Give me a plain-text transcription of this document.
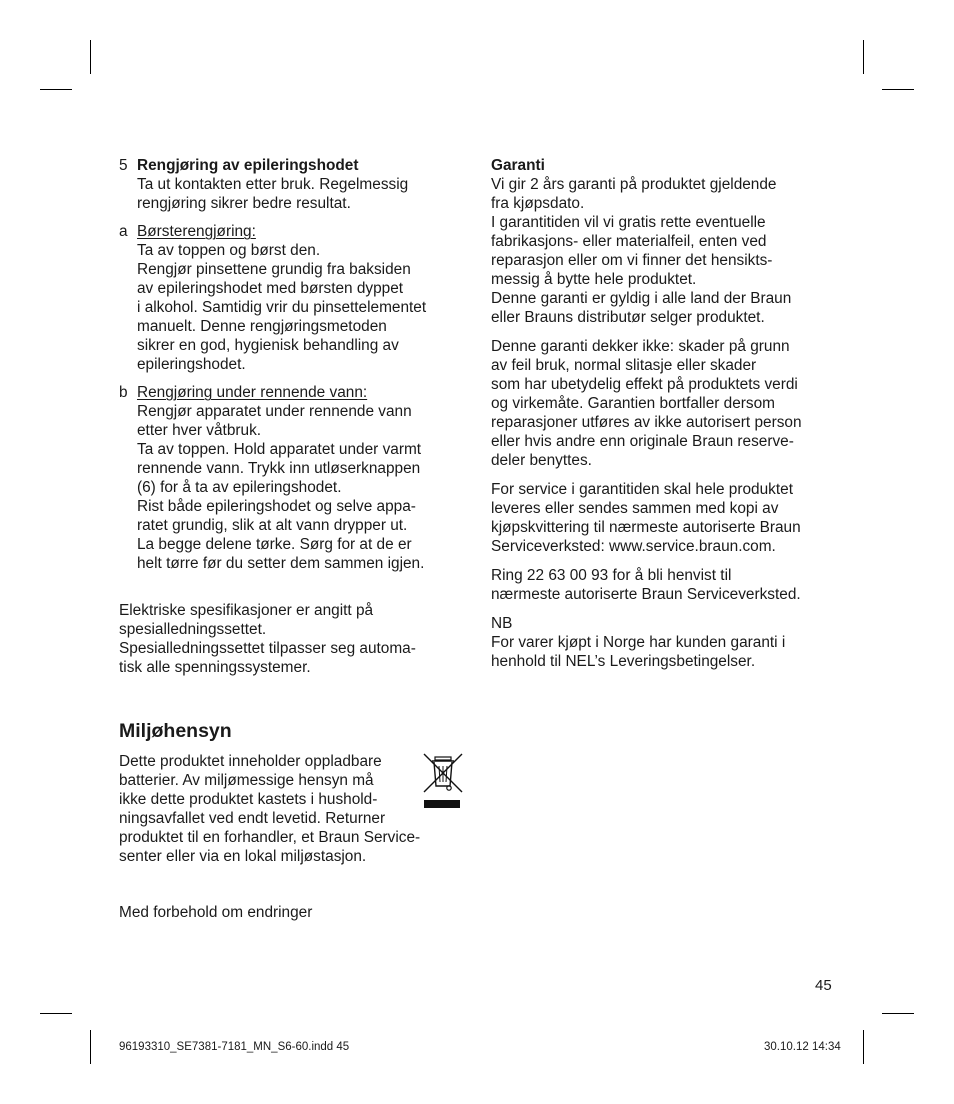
5 Rengjøring av epileringshodet
Ta ut kontakten etter bruk. Regelmessig
rengjøring sikrer bedre resultat.
a Børsterengjøring:
Ta av toppen og børst den.
Rengjør pinsettene grundig fra baksiden
av epileringshodet med børsten dyppet
i alkohol. Samtidig vrir du pinsettelementet
manuelt. Denne rengjøringsmetoden
sikrer en god, hygienisk behandling av
epileringshodet.
b Rengjøring under rennende vann:
Rengjør apparatet under rennende vann
etter hver våtbruk.
Ta av toppen. Hold apparatet under varmt
rennende vann. Trykk inn utløserknappen
(6) for å ta av epileringshodet.
Rist både epileringshodet og selve appa-
ratet grundig, slik at alt vann drypper ut.
La begge delene tørke. Sørg for at de er
helt tørre før du setter dem sammen igjen.
Elektriske spesifikasjoner er angitt på
spesialledningssettet.
Spesialledningssettet tilpasser seg automa-
tisk alle spenningssystemer.
Miljøhensyn
Dette produktet inneholder oppladbare
batterier. Av miljømessige hensyn må
ikke dette produktet kastets i hushold-
ningsavfallet ved endt levetid. Returner
produktet til en forhandler, et Braun Service-
senter eller via en lokal miljøstasjon.
Med forbehold om endringer
Garanti
Vi gir 2 års garanti på produktet gjeldende
fra kjøpsdato.
I garantitiden vil vi gratis rette eventuelle
fabrikasjons- eller materialfeil, enten ved
reparasjon eller om vi finner det hensikts-
messig å bytte hele produktet.
Denne garanti er gyldig i alle land der Braun
eller Brauns distributør selger produktet.
Denne garanti dekker ikke: skader på grunn
av feil bruk, normal slitasje eller skader
som har ubetydelig effekt på produktets verdi
og virkemåte. Garantien bortfaller dersom
reparasjoner utføres av ikke autorisert person
eller hvis andre enn originale Braun reserve-
deler benyttes.
For service i garantitiden skal hele produktet
leveres eller sendes sammen med kopi av
kjøpskvittering til nærmeste autoriserte Braun
Serviceverksted: www.service.braun.com.
Ring 22 63 00 93 for å bli henvist til
nærmeste autoriserte Braun Serviceverksted.
NB
For varer kjøpt i Norge har kunden garanti i
henhold til NEL’s Leveringsbetingelser.
45
96193310_SE7381-7181_MN_S6-60.indd 45	30.10.12 14:34
